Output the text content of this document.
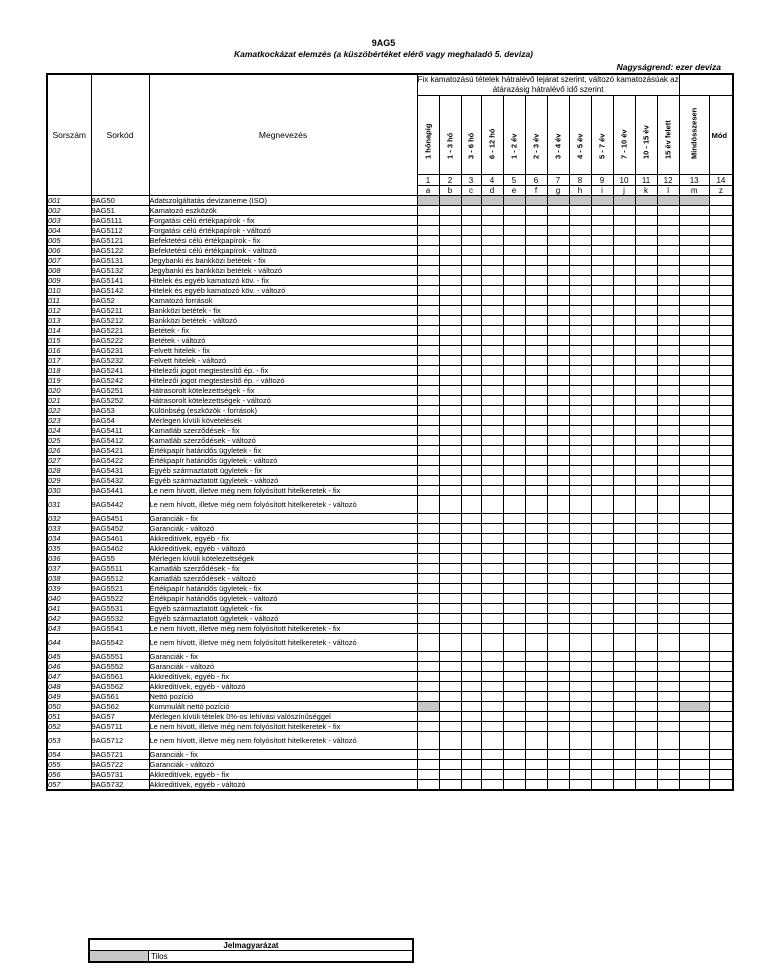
9AG5
Kamatkockázat elemzés (a küszöbértéket elérő vagy meghaladó 5. deviza)
Nagyságrend: ezer deviza
Sorszám	Sorkód	Megnevezés	Fix kamatozású tételek hátralévő lejárat szerint, változó kamatozásúak az átárazásig hátralévő idő szerint													

			1 hónapig	1 - 3 hó	3 - 6 hó	6 - 12 hó	1 - 2 év	2 - 3 év	3 - 4 év	4 - 5 év	5 - 7 év	7 - 10 év	10 - 15 év	15 év felett	Mindösszesen	Mód

			1	2	3	4	5	6	7	8	9	10	11	12	13	14
			a	b	c	d	e	f	g	h	i	j	k	l	m	z
001	9AG50	Adatszolgáltatás devizaneme (ISO)														
002	9AG51	Kamatozó eszközök														
003	9AG5111	Forgatási célú értékpapírok - fix														
004	9AG5112	Forgatási célú értékpapírok - változó														
005	9AG5121	Befektetési célú értékpapírok - fix														
006	9AG5122	Befektetési célú értékpapírok - változó														
007	9AG5131	Jegybanki és bankközi betétek - fix														
008	9AG5132	Jegybanki és bankközi betétek - változó														
009	9AG5141	Hitelek és egyéb kamatozó köv. - fix														
010	9AG5142	Hitelek és egyéb kamatozó köv. - változó														
011	9AG52	Kamatozó források														
012	9AG5211	Bankközi betétek - fix														
013	9AG5212	Bankközi betétek - változó														
014	9AG5221	Betétek - fix														
015	9AG5222	Betétek - változó														
016	9AG5231	Felvett hitelek - fix														
017	9AG5232	Felvett hitelek - változó														
018	9AG5241	Hitelezői jogot megtestesítő ép. - fix														
019	9AG5242	Hitelezői jogot megtestesítő ép. - változó														
020	9AG5251	Hátrasorolt kötelezettségek - fix														
021	9AG5252	Hátrasorolt kötelezettségek - változó														
022	9AG53	Különbség (eszközök - források)														
023	9AG54	Mérlegen kívüli követelések														
024	9AG5411	Kamatláb szerződések - fix														
025	9AG5412	Kamatláb szerződések - változó														
026	9AG5421	Értékpapír határidős ügyletek - fix														
027	9AG5422	Értékpapír határidős ügyletek - változó														
028	9AG5431	Egyéb származtatott ügyletek - fix														
029	9AG5432	Egyéb származtatott ügyletek - változó														
030	9AG5441	Le nem hívott, illetve még nem folyósított hitelkeretek - fix														
031	9AG5442	Le nem hívott, illetve még nem folyósított hitelkeretek - változó														
032	9AG5451	Garanciák - fix														
033	9AG5452	Garanciák - változó														
034	9AG5461	Akkreditívek, egyéb - fix														
035	9AG5462	Akkreditívek, egyéb - változó														
036	9AG55	Mérlegen kívüli kötelezettségek														
037	9AG5511	Kamatláb szerződések - fix														
038	9AG5512	Kamatláb szerződések - változó														
039	9AG5521	Értékpapír határidős ügyletek - fix														
040	9AG5522	Értékpapír határidős ügyletek - változó														
041	9AG5531	Egyéb származtatott ügyletek - fix														
042	9AG5532	Egyéb származtatott ügyletek - változó														
043	9AG5541	Le nem hívott, illetve még nem folyósított hitelkeretek - fix														
044	9AG5542	Le nem hívott, illetve még nem folyósított hitelkeretek - változó														
045	9AG5551	Garanciák - fix														
046	9AG5552	Garanciák - változó														
047	9AG5561	Akkreditívek, egyéb - fix														
048	9AG5562	Akkreditívek, egyéb - változó														
049	9AG561	Nettó pozíció														
050	9AG562	Kummulált nettó pozíció														
051	9AG57	Mérlegen kívüli tételek 0%-os lehívási valószínűséggel														
052	9AG5711	Le nem hívott, illetve még nem folyósított hitelkeretek - fix														
053	9AG5712	Le nem hívott, illetve még nem folyósított hitelkeretek - változó														
054	9AG5721	Garanciák - fix														
055	9AG5722	Garanciák - változó														
056	9AG5731	Akkreditívek, egyéb - fix														
057	9AG5732	Akkreditívek, egyéb - változó														
Jelmagyarázat
	Tilos
